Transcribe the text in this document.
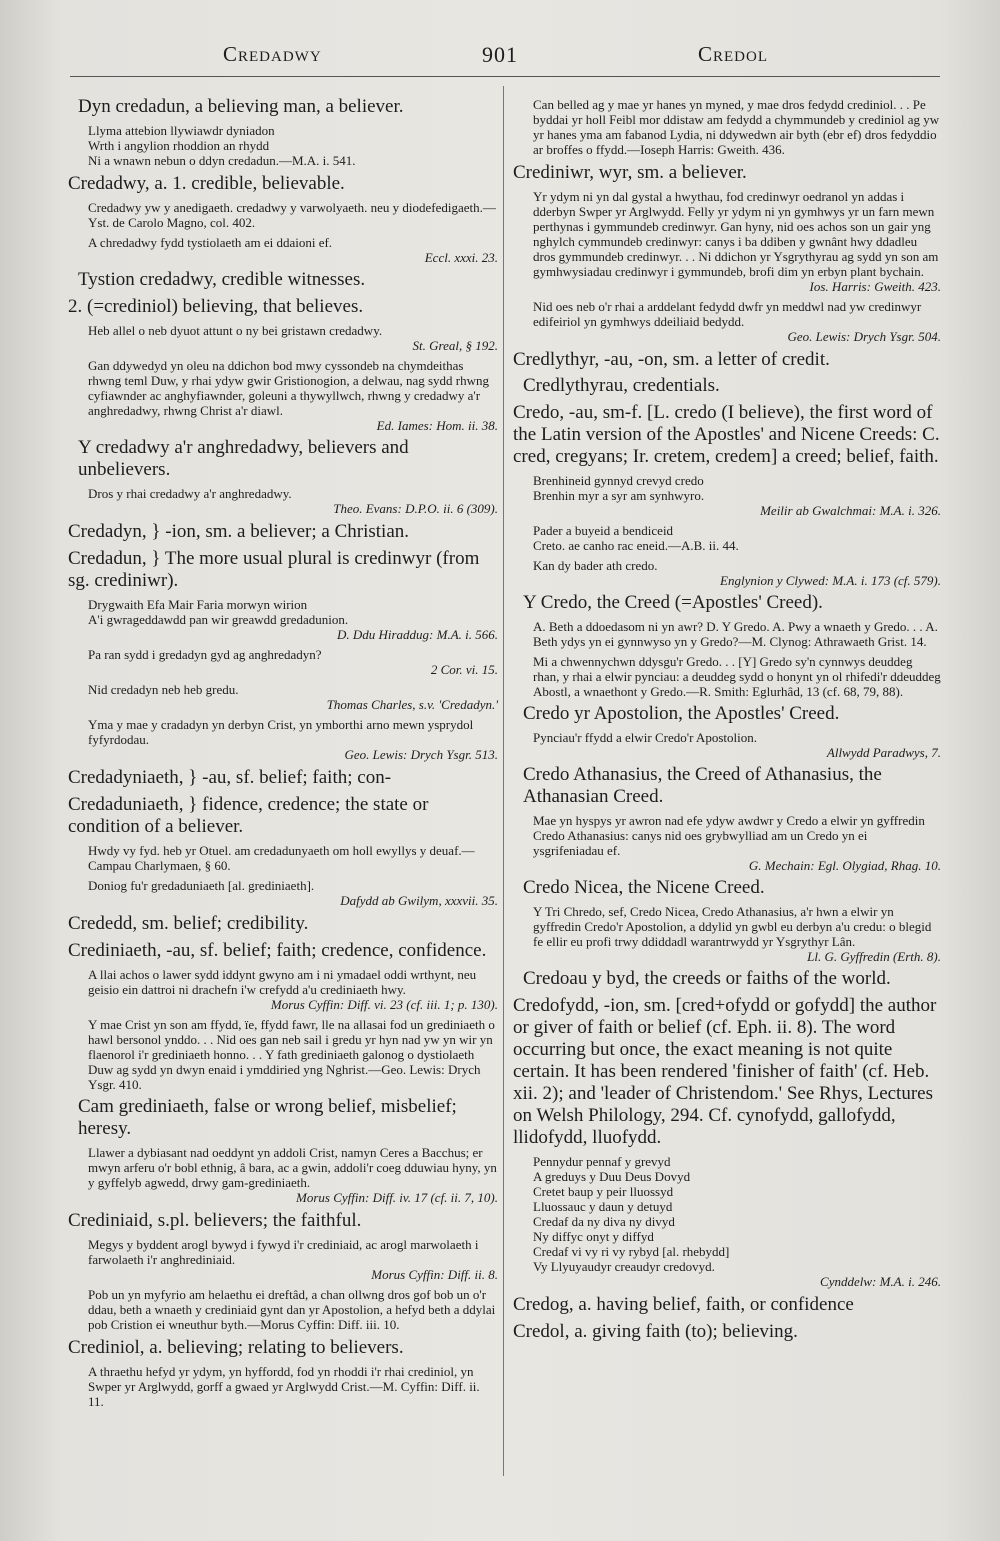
Credadwy	901	Credol
Dyn credadun, a believing man, a believer.
Llyma attebion llywiawdr dyniadon
Wrth i angylion rhoddion an rhydd
Ni a wnawn nebun o ddyn credadun.—M.A. i. 541.
Credadwy, a. 1. credible, believable.
Credadwy yw y anedigaeth. credadwy y varwolyaeth. neu y diodefedigaeth.—Yst. de Carolo Magno, col. 402.
A chredadwy fydd tystiolaeth am ei ddaioni ef.
Eccl. xxxi. 23.
Tystion credadwy, credible witnesses.
2. (=crediniol) believing, that believes.
Heb allel o neb dyuot attunt o ny bei gristawn credadwy.
St. Greal, § 192.
Gan ddywedyd yn oleu na ddichon bod mwy cyssondeb na chymdeithas rhwng teml Duw, y rhai ydyw gwir Gristionogion, a delwau, nag sydd rhwng cyfiawnder ac anghyfiawnder, goleuni a thywyllwch, rhwng y credadwy a'r anghredadwy, rhwng Christ a'r diawl.
Ed. Iames: Hom. ii. 38.
Y credadwy a'r anghredadwy, believers and unbelievers.
Dros y rhai credadwy a'r anghredadwy.
Theo. Evans: D.P.O. ii. 6 (309).
Credadyn, } -ion, sm. a believer; a Christian.
Credadun, } The more usual plural is credinwyr (from sg. crediniwr).
Drygwaith Efa Mair Faria morwyn wirion
A'i gwrageddawdd pan wir greawdd gredadunion.
D. Ddu Hiraddug: M.A. i. 566.
Pa ran sydd i gredadyn gyd ag anghredadyn?
2 Cor. vi. 15.
Nid credadyn neb heb gredu.
Thomas Charles, s.v. 'Credadyn.'
Yma y mae y cradadyn yn derbyn Crist, yn ymborthi arno mewn ysprydol fyfyrdodau.
Geo. Lewis: Drych Ysgr. 513.
Credadyniaeth, } -au, sf. belief; faith; con-
Credaduniaeth, } fidence, credence; the state or condition of a believer.
Hwdy vy fyd. heb yr Otuel. am credadunyaeth om holl ewyllys y deuaf.—Campau Charlymaen, § 60.
Doniog fu'r gredaduniaeth [al. grediniaeth].
Dafydd ab Gwilym, xxxvii. 35.
Crededd, sm. belief; credibility.
Crediniaeth, -au, sf. belief; faith; credence, confidence.
A llai achos o lawer sydd iddynt gwyno am i ni ymadael oddi wrthynt, neu geisio ein dattroi ni drachefn i'w crefydd a'u crediniaeth hwy.
Morus Cyffin: Diff. vi. 23 (cf. iii. 1; p. 130).
Y mae Crist yn son am ffydd, ïe, ffydd fawr, lle na allasai fod un grediniaeth o hawl bersonol ynddo. . . Nid oes gan neb sail i gredu yr hyn nad yw yn wir yn flaenorol i'r grediniaeth honno. . . Y fath grediniaeth galonog o dystiolaeth Duw ag sydd yn dwyn enaid i ymddiried yng Nghrist.—Geo. Lewis: Drych Ysgr. 410.
Cam grediniaeth, false or wrong belief, misbelief; heresy.
Llawer a dybiasant nad oeddynt yn addoli Crist, namyn Ceres a Bacchus; er mwyn arferu o'r bobl ethnig, â bara, ac a gwin, addoli'r coeg dduwiau hyny, yn y gyffelyb agwedd, drwy gam-grediniaeth.
Morus Cyffin: Diff. iv. 17 (cf. ii. 7, 10).
Crediniaid, s.pl. believers; the faithful.
Megys y byddent arogl bywyd i fywyd i'r crediniaid, ac arogl marwolaeth i farwolaeth i'r anghrediniaid.
Morus Cyffin: Diff. ii. 8.
Pob un yn myfyrio am helaethu ei dreftâd, a chan ollwng dros gof bob un o'r ddau, beth a wnaeth y crediniaid gynt dan yr Apostolion, a hefyd beth a ddylai pob Cristion ei wneuthur byth.—Morus Cyffin: Diff. iii. 10.
Crediniol, a. believing; relating to believers.
A thraethu hefyd yr ydym, yn hyffordd, fod yn rhoddi i'r rhai crediniol, yn Swper yr Arglwydd, gorff a gwaed yr Arglwydd Crist.—M. Cyffin: Diff. ii. 11.
Can belled ag y mae yr hanes yn myned, y mae dros fedydd crediniol. . . Pe byddai yr holl Feibl mor ddistaw am fedydd a chymmundeb y crediniol ag yw yr hanes yma am fabanod Lydia, ni ddywedwn air byth (ebr ef) dros fedyddio ar broffes o ffydd.—Ioseph Harris: Gweith. 436.
Crediniwr, wyr, sm. a believer.
Yr ydym ni yn dal gystal a hwythau, fod credinwyr oedranol yn addas i dderbyn Swper yr Arglwydd. Felly yr ydym ni yn gymhwys yr un farn mewn perthynas i gymmundeb credinwyr. Gan hyny, nid oes achos son un gair yng nghylch cymmundeb credinwyr: canys i ba ddiben y gwnânt hwy ddadleu dros gymmundeb credinwyr. . . Ni ddichon yr Ysgrythyrau ag sydd yn son am gymhwysiadau credinwyr i gymmundeb, brofi dim yn erbyn plant bychain.
Ios. Harris: Gweith. 423.
Nid oes neb o'r rhai a arddelant fedydd dwfr yn meddwl nad yw credinwyr edifeiriol yn gymhwys ddeiliaid bedydd.
Geo. Lewis: Drych Ysgr. 504.
Credlythyr, -au, -on, sm. a letter of credit.
Credlythyrau, credentials.
Credo, -au, sm-f. [L. credo (I believe), the first word of the Latin version of the Apostles' and Nicene Creeds: C. cred, cregyans; Ir. cretem, credem] a creed; belief, faith.
Brenhineid gynnyd crevyd credo
Brenhin myr a syr am synhwyro.
Meilir ab Gwalchmai: M.A. i. 326.
Pader a buyeid a bendiceid
Creto. ae canho rac eneid.—A.B. ii. 44.
Kan dy bader ath credo.
Englynion y Clywed: M.A. i. 173 (cf. 579).
Y Credo, the Creed (=Apostles' Creed).
A. Beth a ddoedasom ni yn awr? D. Y Gredo. A. Pwy a wnaeth y Gredo. . . A. Beth ydys yn ei gynnwyso yn y Gredo?—M. Clynog: Athrawaeth Grist. 14.
Mi a chwennychwn ddysgu'r Gredo. . . [Y] Gredo sy'n cynnwys deuddeg rhan, y rhai a elwir pynciau: a deuddeg sydd o honynt yn ol rhifedi'r ddeuddeg Abostl, a wnaethont y Gredo.—R. Smith: Eglurhâd, 13 (cf. 68, 79, 88).
Credo yr Apostolion, the Apostles' Creed.
Pynciau'r ffydd a elwir Credo'r Apostolion.
Allwydd Paradwys, 7.
Credo Athanasius, the Creed of Athanasius, the Athanasian Creed.
Mae yn hyspys yr awron nad efe ydyw awdwr y Credo a elwir yn gyffredin Credo Athanasius: canys nid oes grybwylliad am un Credo yn ei ysgrifeniadau ef.
G. Mechain: Egl. Olygiad, Rhag. 10.
Credo Nicea, the Nicene Creed.
Y Tri Chredo, sef, Credo Nicea, Credo Athanasius, a'r hwn a elwir yn gyffredin Credo'r Apostolion, a ddylid yn gwbl eu derbyn a'u credu: o blegid fe ellir eu profi trwy ddiddadl warantrwydd yr Ysgrythyr Lân.
Ll. G. Gyffredin (Erth. 8).
Credoau y byd, the creeds or faiths of the world.
Credofydd, -ion, sm. [cred+ofydd or gofydd] the author or giver of faith or belief (cf. Eph. ii. 8). The word occurring but once, the exact meaning is not quite certain. It has been rendered 'finisher of faith' (cf. Heb. xii. 2); and 'leader of Christendom.' See Rhys, Lectures on Welsh Philology, 294. Cf. cynofydd, gallofydd, llidofydd, lluofydd.
Pennydur pennaf y grevyd
A greduys y Duu Deus Dovyd
Cretet baup y peir lluossyd
Lluossauc y daun y detuyd
Credaf da ny diva ny divyd
Ny diffyc onyt y diffyd
Credaf vi vy ri vy rybyd [al. rhebydd]
Vy Llyuyaudyr creaudyr credovyd.
Cynddelw: M.A. i. 246.
Credog, a. having belief, faith, or confidence
Credol, a. giving faith (to); believing.
